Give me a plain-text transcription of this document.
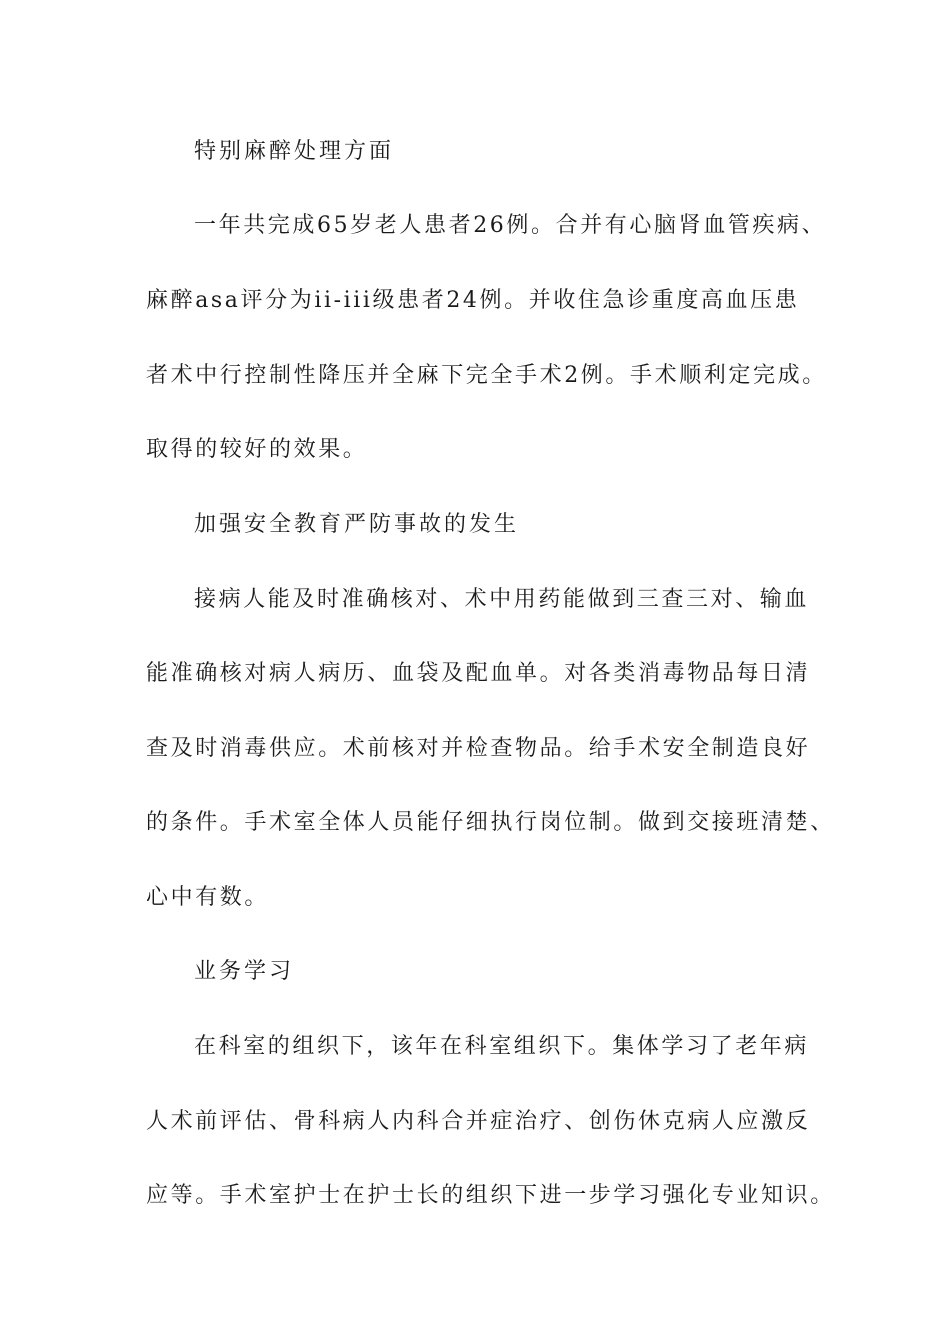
特别麻醉处理方面
一年共完成65岁老人患者26例。合并有心脑肾血管疾病、
麻醉asa评分为ii-iii级患者24例。并收住急诊重度高血压患
者术中行控制性降压并全麻下完全手术2例。手术顺利定完成。
取得的较好的效果。
加强安全教育严防事故的发生
接病人能及时准确核对、术中用药能做到三查三对、输血
能准确核对病人病历、血袋及配血单。对各类消毒物品每日清
查及时消毒供应。术前核对并检查物品。给手术安全制造良好
的条件。手术室全体人员能仔细执行岗位制。做到交接班清楚、
心中有数。
业务学习
在科室的组织下，该年在科室组织下。集体学习了老年病
人术前评估、骨科病人内科合并症治疗、创伤休克病人应激反
应等。手术室护士在护士长的组织下进一步学习强化专业知识。
